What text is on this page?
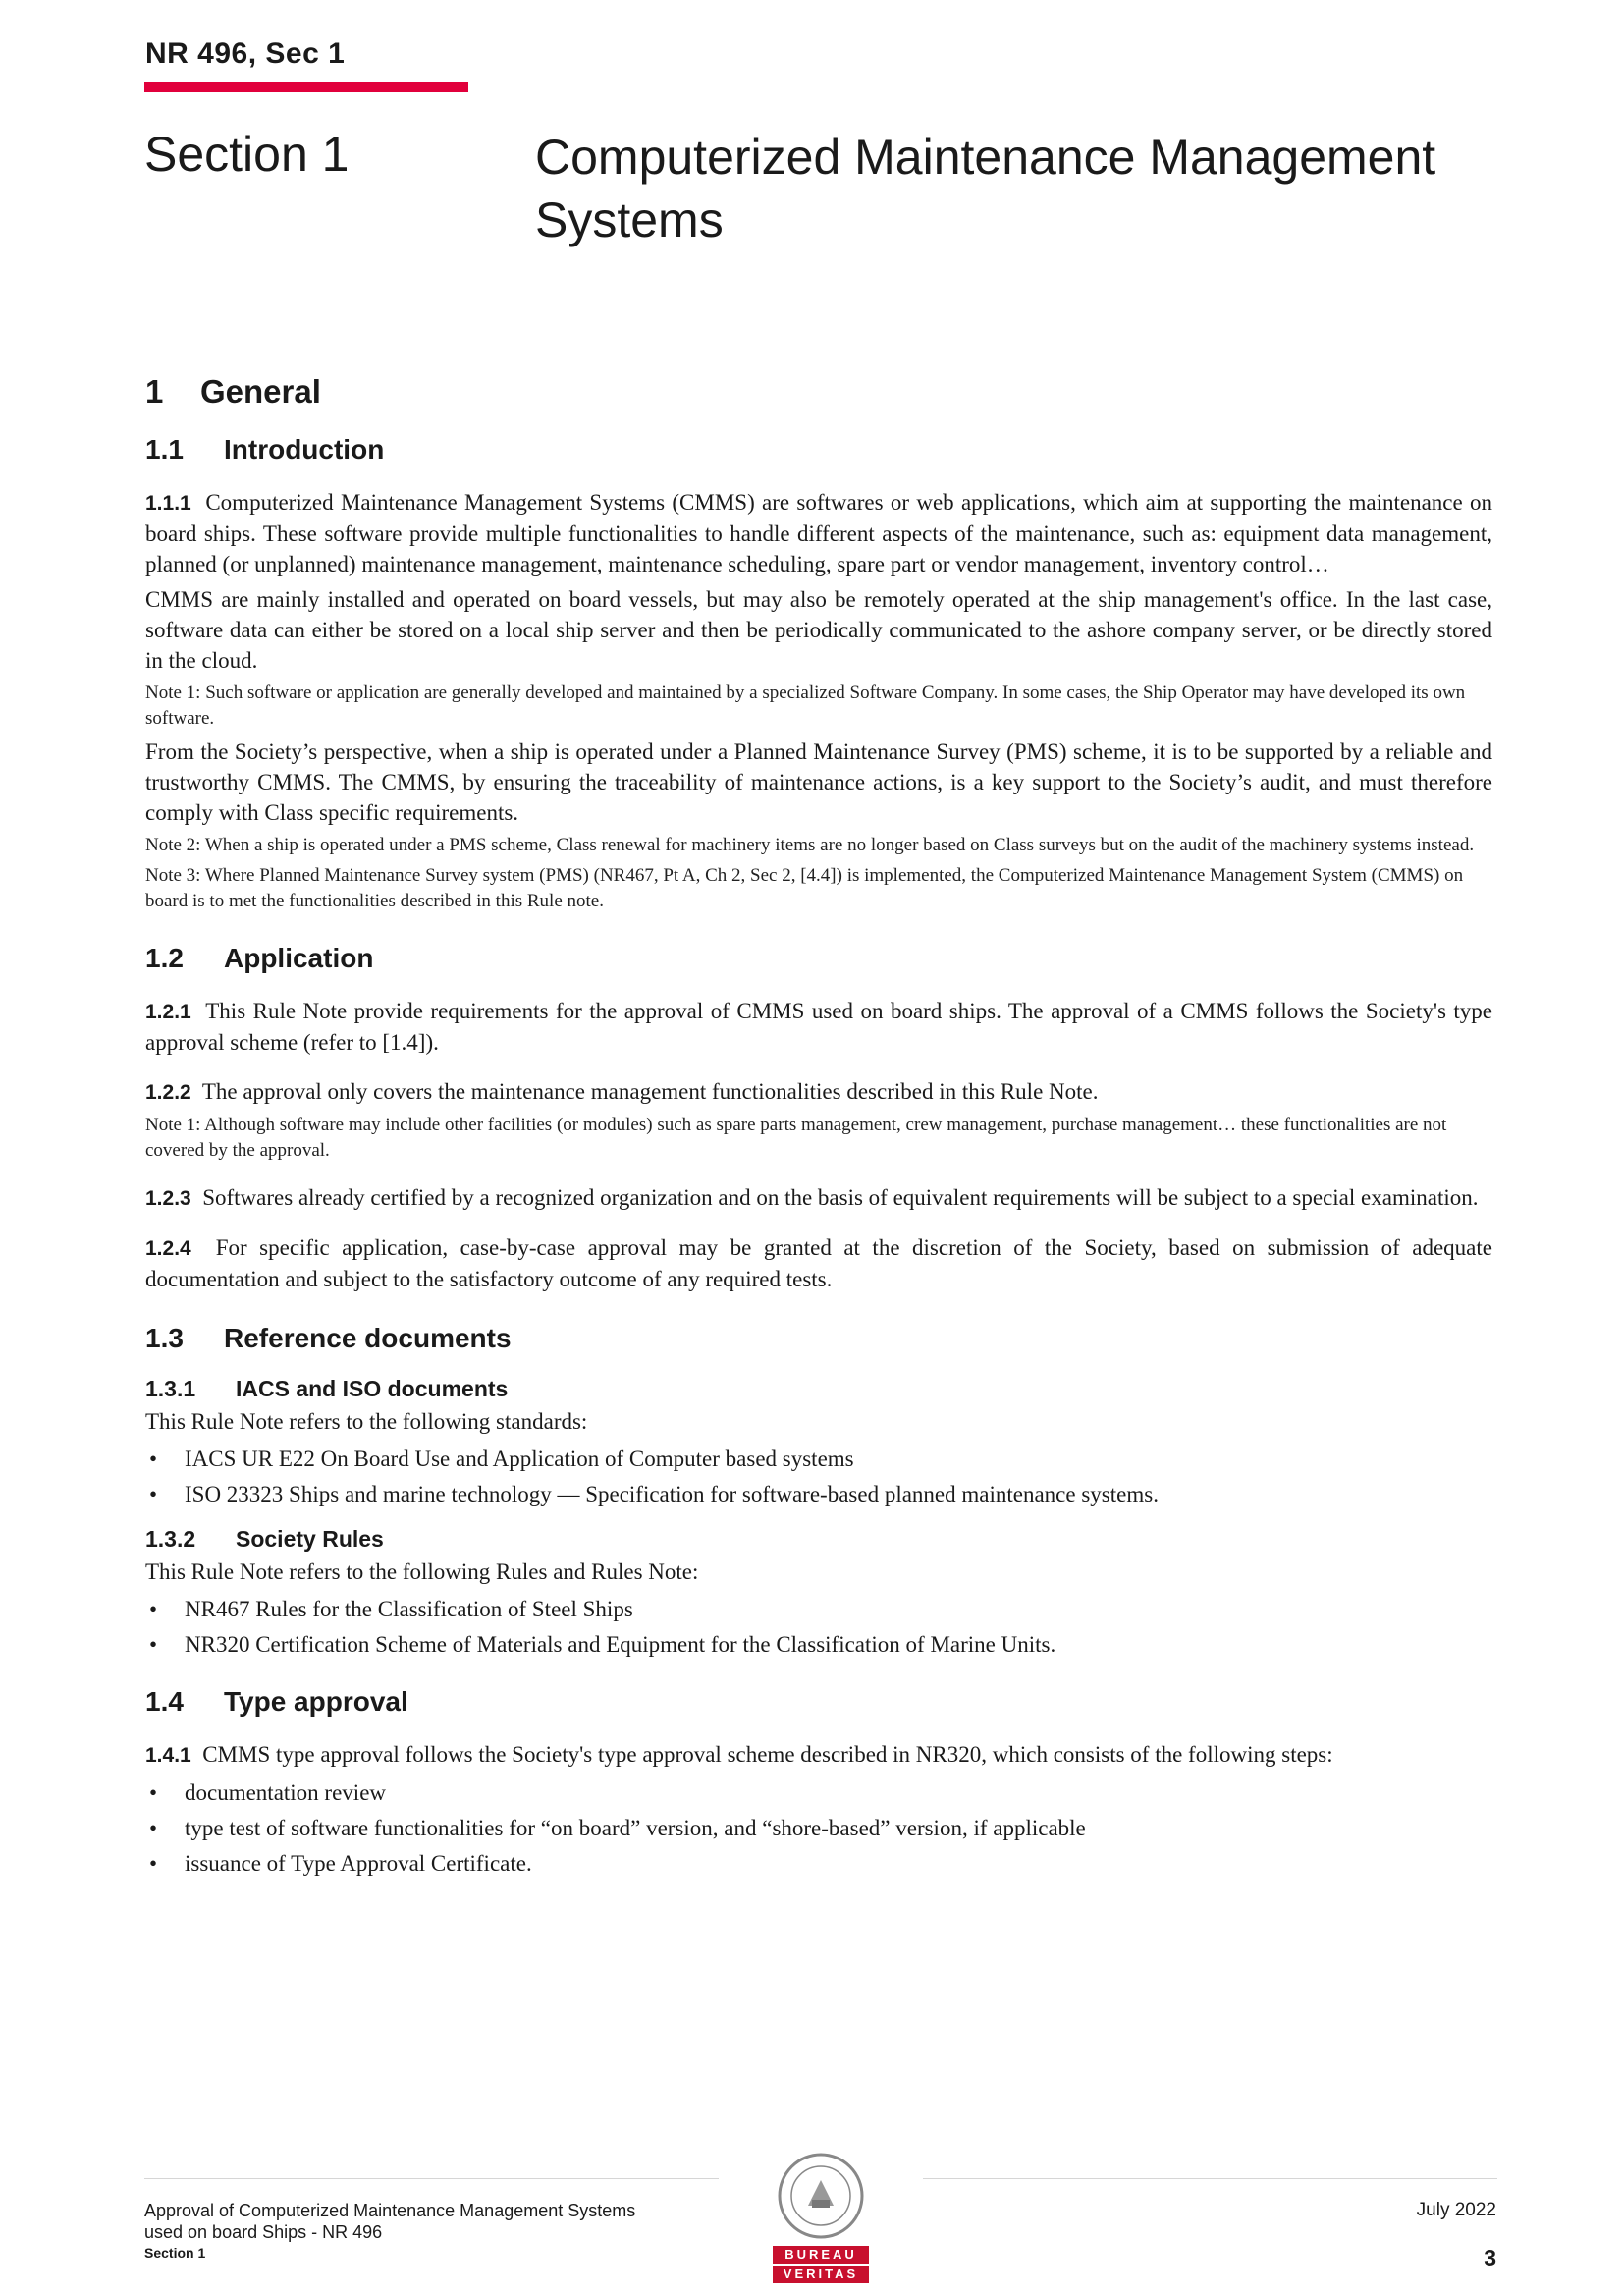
NR 496, Sec 1
Section 1	Computerized Maintenance Management Systems
1 General
1.1 Introduction

1.1.1 Computerized Maintenance Management Systems (CMMS) are softwares or web applications, which aim at supporting the maintenance on board ships. These software provide multiple functionalities to handle different aspects of the maintenance, such as: equipment data management, planned (or unplanned) maintenance management, maintenance scheduling, spare part or vendor management, inventory control…

CMMS are mainly installed and operated on board vessels, but may also be remotely operated at the ship management's office. In the last case, software data can either be stored on a local ship server and then be periodically communicated to the ashore company server, or be directly stored in the cloud.

Note 1: Such software or application are generally developed and maintained by a specialized Software Company. In some cases, the Ship Operator may have developed its own software.

From the Society’s perspective, when a ship is operated under a Planned Maintenance Survey (PMS) scheme, it is to be supported by a reliable and trustworthy CMMS. The CMMS, by ensuring the traceability of maintenance actions, is a key support to the Society’s audit, and must therefore comply with Class specific requirements.

Note 2: When a ship is operated under a PMS scheme, Class renewal for machinery items are no longer based on Class surveys but on the audit of the machinery systems instead.

Note 3: Where Planned Maintenance Survey system (PMS) (NR467, Pt A, Ch 2, Sec 2, [4.4]) is implemented, the Computerized Maintenance Management System (CMMS) on board is to met the functionalities described in this Rule note.

1.2 Application

1.2.1 This Rule Note provide requirements for the approval of CMMS used on board ships. The approval of a CMMS follows the Society's type approval scheme (refer to [1.4]).

1.2.2 The approval only covers the maintenance management functionalities described in this Rule Note.

Note 1: Although software may include other facilities (or modules) such as spare parts management, crew management, purchase management… these functionalities are not covered by the approval.

1.2.3 Softwares already certified by a recognized organization and on the basis of equivalent requirements will be subject to a special examination.

1.2.4 For specific application, case-by-case approval may be granted at the discretion of the Society, based on submission of adequate documentation and subject to the satisfactory outcome of any required tests.

1.3 Reference documents
1.3.1 IACS and ISO documents

This Rule Note refers to the following standards:

• IACS UR E22 On Board Use and Application of Computer based systems
• ISO 23323 Ships and marine technology — Specification for software-based planned maintenance systems.
1.3.2 Society Rules

This Rule Note refers to the following Rules and Rules Note:

• NR467 Rules for the Classification of Steel Ships
• NR320 Certification Scheme of Materials and Equipment for the Classification of Marine Units.
1.4 Type approval

1.4.1 CMMS type approval follows the Society's type approval scheme described in NR320, which consists of the following steps:

• documentation review
• type test of software functionalities for “on board” version, and “shore-based” version, if applicable
• issuance of Type Approval Certificate.
Approval of Computerized Maintenance Management Systems
used on board Ships - NR 496
Section 1
July 2022
3
BUREAU
VERITAS
